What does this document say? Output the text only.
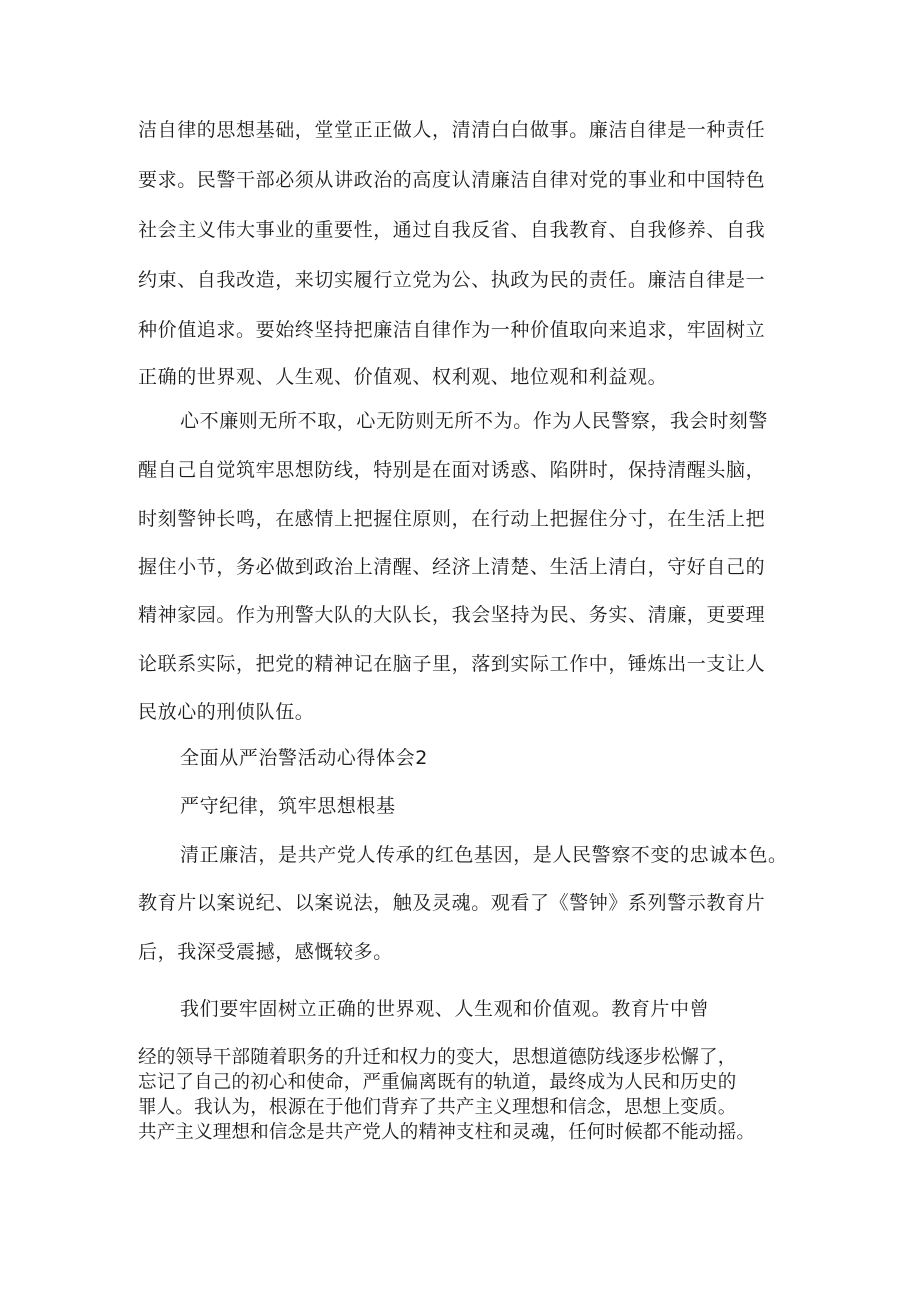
洁自律的思想基础，堂堂正正做人，清清白白做事。廉洁自律是一种责任
要求。民警干部必须从讲政治的高度认清廉洁自律对党的事业和中国特色
社会主义伟大事业的重要性，通过自我反省、自我教育、自我修养、自我
约束、自我改造，来切实履行立党为公、执政为民的责任。廉洁自律是一
种价值追求。要始终坚持把廉洁自律作为一种价值取向来追求，牢固树立
正确的世界观、人生观、价值观、权利观、地位观和利益观。
心不廉则无所不取，心无防则无所不为。作为人民警察，我会时刻警
醒自己自觉筑牢思想防线，特别是在面对诱惑、陷阱时，保持清醒头脑，
时刻警钟长鸣，在感情上把握住原则，在行动上把握住分寸，在生活上把
握住小节，务必做到政治上清醒、经济上清楚、生活上清白，守好自己的
精神家园。作为刑警大队的大队长，我会坚持为民、务实、清廉，更要理
论联系实际，把党的精神记在脑子里，落到实际工作中，锤炼出一支让人
民放心的刑侦队伍。
全面从严治警活动心得体会2
严守纪律，筑牢思想根基
清正廉洁，是共产党人传承的红色基因，是人民警察不变的忠诚本色。
教育片以案说纪、以案说法，触及灵魂。观看了《警钟》系列警示教育片
后，我深受震撼，感慨较多。
我们要牢固树立正确的世界观、人生观和价值观。教育片中曾
经的领导干部随着职务的升迁和权力的变大，思想道德防线逐步松懈了，
忘记了自己的初心和使命，严重偏离既有的轨道，最终成为人民和历史的
罪人。我认为，根源在于他们背弃了共产主义理想和信念，思想上变质。
共产主义理想和信念是共产党人的精神支柱和灵魂，任何时候都不能动摇。
